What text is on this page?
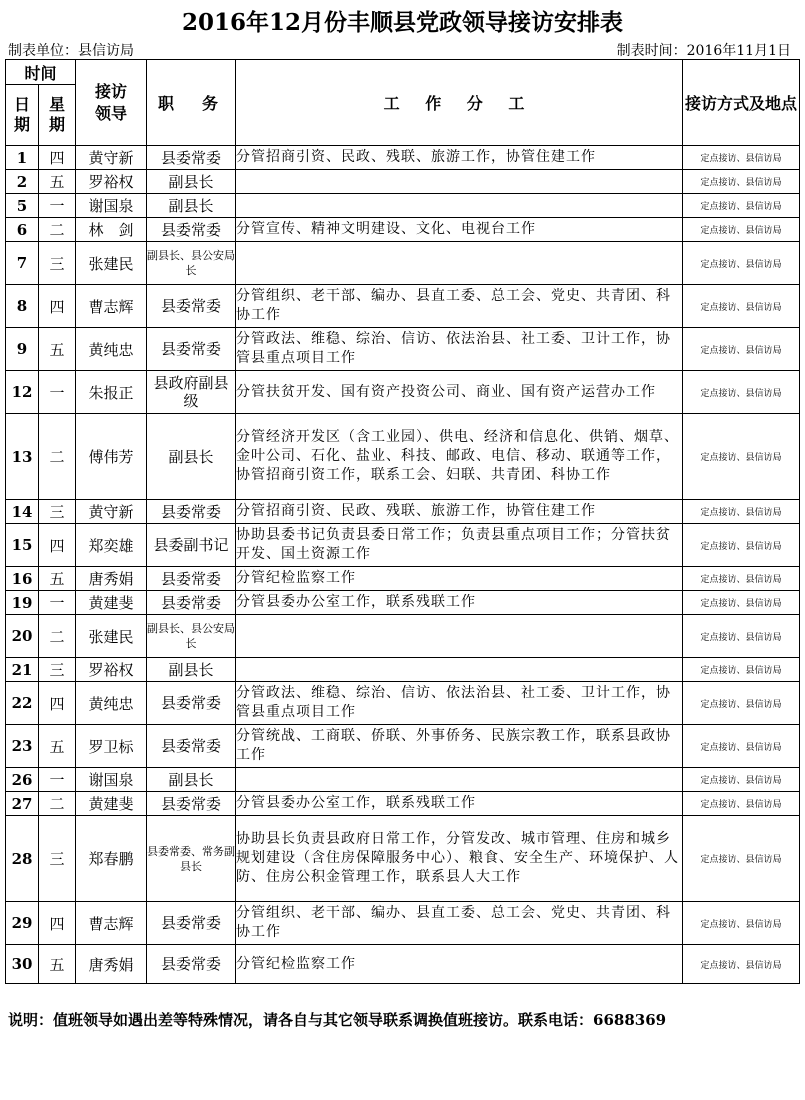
2016年12月份丰顺县党政领导接访安排表
制表单位：县信访局	制表时间：2016年11月1日
时间		接访领导	职　务	工 作 分 工	接访方式及地点
日期	星期				
1	四	黄守新	县委常委	分管招商引资、民政、残联、旅游工作，协管住建工作	定点接访、县信访局
2	五	罗裕权	副县长		定点接访、县信访局
5	一	谢国泉	副县长		定点接访、县信访局
6	二	林　剑	县委常委	分管宣传、精神文明建设、文化、电视台工作	定点接访、县信访局
7	三	张建民	副县长、县公安局长		定点接访、县信访局
8	四	曹志辉	县委常委	分管组织、老干部、编办、县直工委、总工会、党史、共青团、科协工作	定点接访、县信访局
9	五	黄纯忠	县委常委	分管政法、维稳、综治、信访、依法治县、社工委、卫计工作，协管县重点项目工作	定点接访、县信访局
12	一	朱报正	县政府副县级	分管扶贫开发、国有资产投资公司、商业、国有资产运营办工作	定点接访、县信访局
13	二	傅伟芳	副县长	分管经济开发区（含工业园）、供电、经济和信息化、供销、烟草、金叶公司、石化、盐业、科技、邮政、电信、移动、联通等工作，协管招商引资工作，联系工会、妇联、共青团、科协工作	定点接访、县信访局
14	三	黄守新	县委常委	分管招商引资、民政、残联、旅游工作，协管住建工作	定点接访、县信访局
15	四	郑奕雄	县委副书记	协助县委书记负责县委日常工作；负责县重点项目工作；分管扶贫开发、国土资源工作	定点接访、县信访局
16	五	唐秀娟	县委常委	分管纪检监察工作	定点接访、县信访局
19	一	黄建斐	县委常委	分管县委办公室工作，联系残联工作	定点接访、县信访局
20	二	张建民	副县长、县公安局长		定点接访、县信访局
21	三	罗裕权	副县长		定点接访、县信访局
22	四	黄纯忠	县委常委	分管政法、维稳、综治、信访、依法治县、社工委、卫计工作，协管县重点项目工作	定点接访、县信访局
23	五	罗卫标	县委常委	分管统战、工商联、侨联、外事侨务、民族宗教工作，联系县政协工作	定点接访、县信访局
26	一	谢国泉	副县长		定点接访、县信访局
27	二	黄建斐	县委常委	分管县委办公室工作，联系残联工作	定点接访、县信访局
28	三	郑春鹏	县委常委、常务副县长	协助县长负责县政府日常工作，分管发改、城市管理、住房和城乡规划建设（含住房保障服务中心）、粮食、安全生产、环境保护、人防、住房公积金管理工作，联系县人大工作	定点接访、县信访局
29	四	曹志辉	县委常委	分管组织、老干部、编办、县直工委、总工会、党史、共青团、科协工作	定点接访、县信访局
30	五	唐秀娟	县委常委	分管纪检监察工作	定点接访、县信访局
说明：值班领导如遇出差等特殊情况，请各自与其它领导联系调换值班接访。联系电话：6688369
